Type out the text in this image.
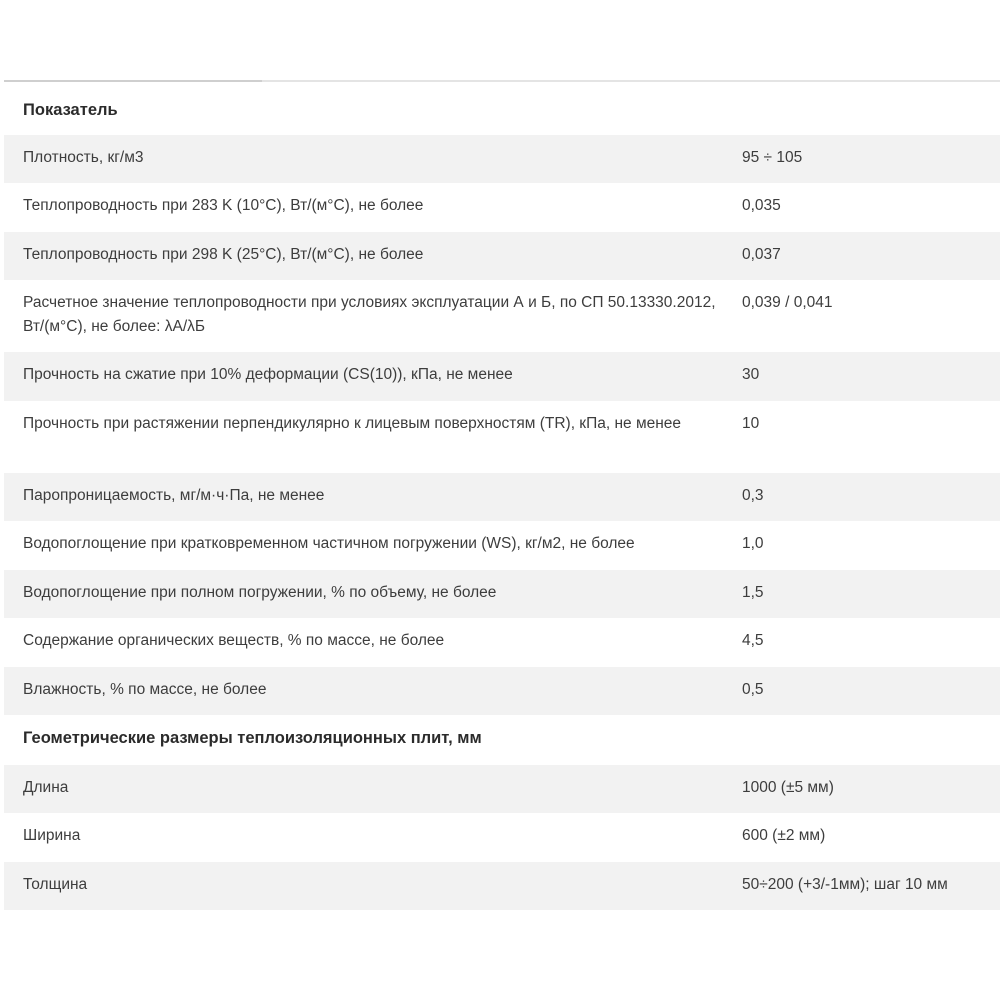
Показатель	
Плотность, кг/м3	95 ÷ 105
Теплопроводность при 283 K (10°C), Вт/(м°С), не более	0,035
Теплопроводность при 298 K (25°C), Вт/(м°С), не более	0,037
Расчетное значение теплопроводности при условиях эксплуатации А и Б, по СП 50.13330.2012, Вт/(м°С), не более: λА/λБ	0,039 / 0,041
Прочность на сжатие при 10% деформации (CS(10)), кПа, не менее	30
Прочность при растяжении перпендикулярно к лицевым поверхностям (TR), кПа, не менее	10
Паропроницаемость, мг/м·ч·Па, не менее	0,3
Водопоглощение при кратковременном частичном погружении (WS), кг/м2, не более	1,0
Водопоглощение при полном погружении, % по объему, не более	1,5
Содержание органических веществ, % по массе, не более	4,5
Влажность, % по массе, не более	0,5
Геометрические размеры теплоизоляционных плит, мм	
Длина	1000 (±5 мм)
Ширина	600 (±2 мм)
Толщина	50÷200 (+3/-1мм); шаг 10 мм
